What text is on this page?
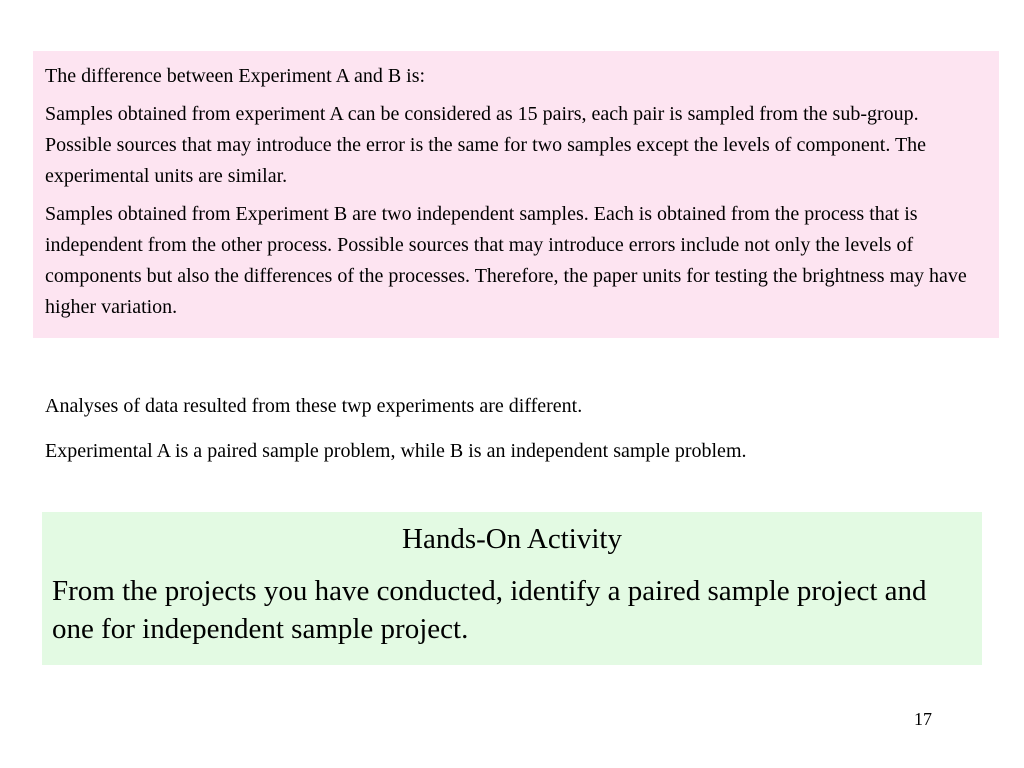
The difference between Experiment A and B is:

Samples obtained from experiment A can be considered as 15 pairs, each pair is sampled from the sub-group. Possible sources that may introduce the error is the same for two samples except the levels of component. The experimental units are similar.

Samples obtained from Experiment B are two independent samples. Each is obtained from the process that is independent from the other process. Possible sources that may introduce errors include not only the levels of components but also the differences of the processes. Therefore, the paper units for testing the brightness may have higher variation.

Analyses of data resulted from these twp experiments are different.

Experimental A is a paired sample problem, while B is an independent sample problem.

Hands-On Activity
From the projects you have conducted, identify a paired sample project and one for independent sample project.
17
